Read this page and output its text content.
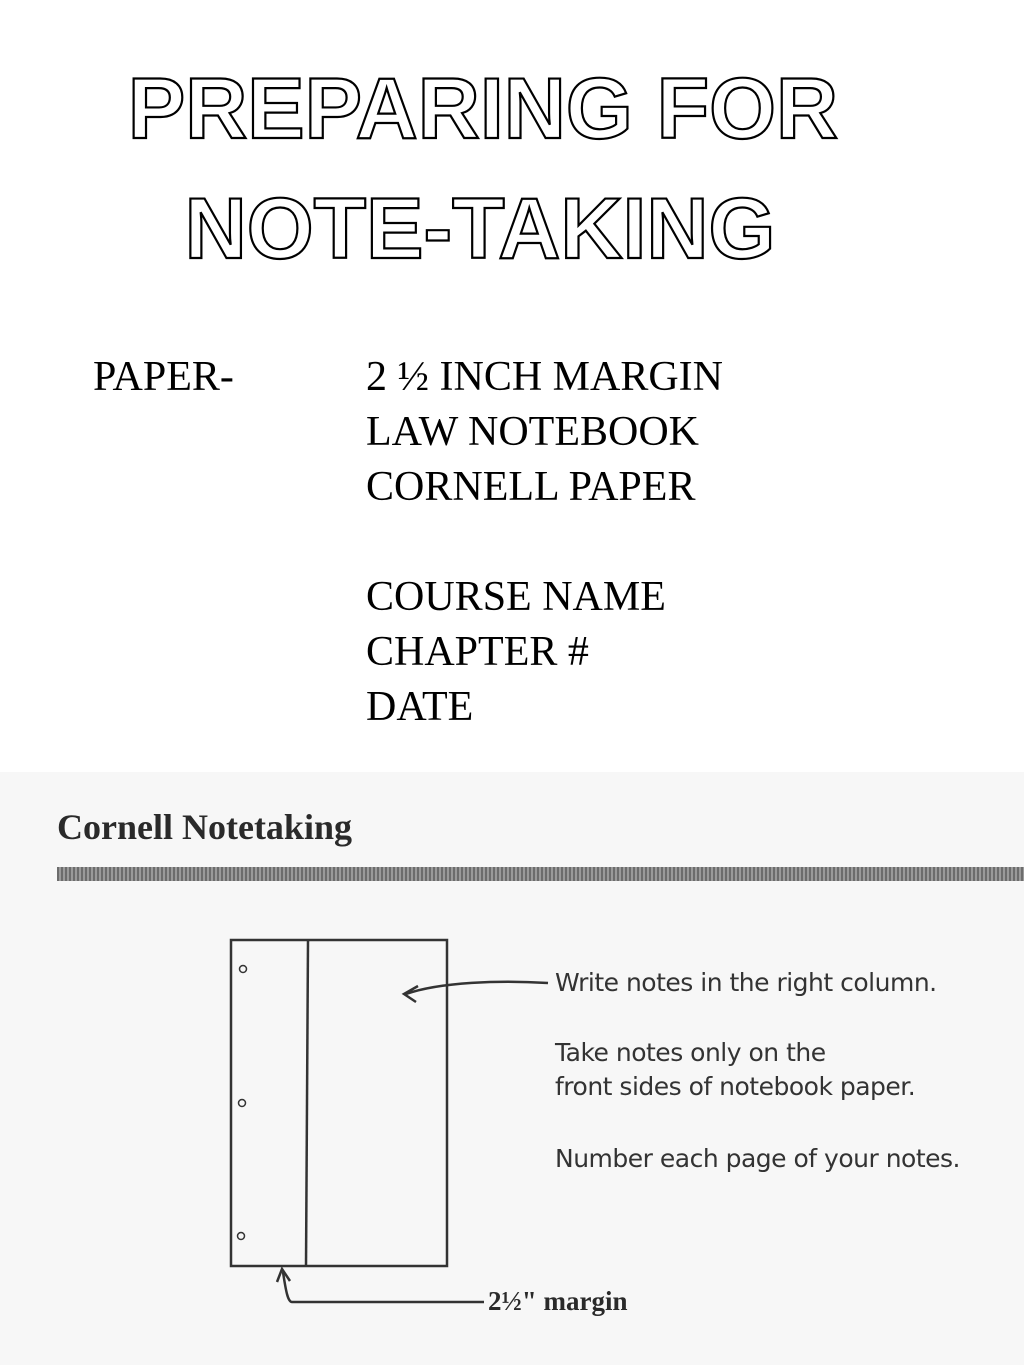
PREPARING FOR
NOTE-TAKING
PAPER-	2 ½ INCH MARGIN
LAW NOTEBOOK
CORNELL PAPER
COURSE NAME
CHAPTER #
DATE
Cornell Notetaking
Write notes in the right column.
Take notes only on the
front sides of notebook paper.
Number each page of your notes.
2½" margin
